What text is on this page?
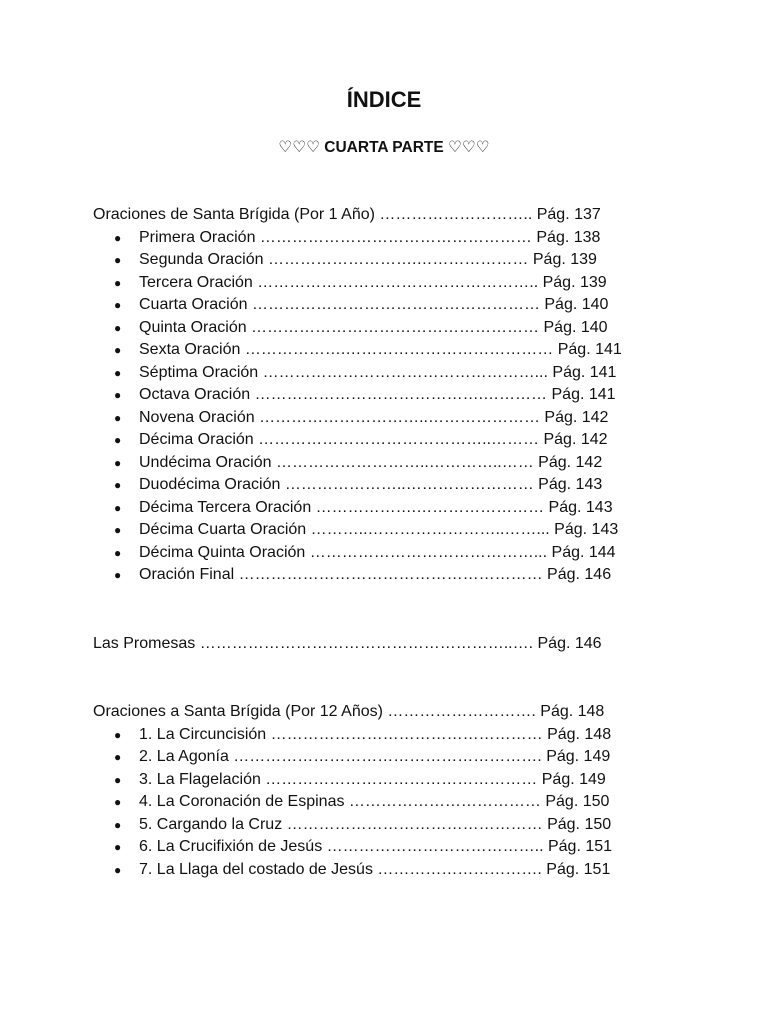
ÍNDICE
♡♡♡ CUARTA PARTE ♡♡♡
Oraciones de Santa Brígida (Por 1 Año) ……………………….. Pág. 137
● Primera Oración …………………………………………… Pág. 138
● Segunda Oración ……………………….………………… Pág. 139
● Tercera Oración …………………………………………….. Pág. 139
● Cuarta Oración ……………………………………………… Pág. 140
● Quinta Oración ……………………………………………… Pág. 140
● Sexta Oración ……………….………………………………… Pág. 141
● Séptima Oración ……………………………………………... Pág. 141
● Octava Oración …………………………………….………… Pág. 141
● Novena Oración …………………………..………………… Pág. 142
● Décima Oración ……………………………………..……… Pág. 142
● Undécima Oración ………………………..…………..…… Pág. 142
● Duodécima Oración …………………..…………………… Pág. 143
● Décima Tercera Oración ……………….…………………… Pág. 143
● Décima Cuarta Oración ………..……………………..……... Pág. 143
● Décima Quinta Oración ……………………………………... Pág. 144
● Oración Final ………………………………………………… Pág. 146
Las Promesas …………………………………………………..…. Pág. 146
Oraciones a Santa Brígida (Por 12 Años) ………………………. Pág. 148
● 1. La Circuncisión …………………………………………… Pág. 148
● 2. La Agonía …………………………………………………. Pág. 149
● 3. La Flagelación …………………………………………… Pág. 149
● 4. La Coronación de Espinas ……………………………… Pág. 150
● 5. Cargando la Cruz ………………………………………… Pág. 150
● 6. La Crucifixión de Jesús ………………………………….. Pág. 151
● 7. La Llaga del costado de Jesús …………………………. Pág. 151
